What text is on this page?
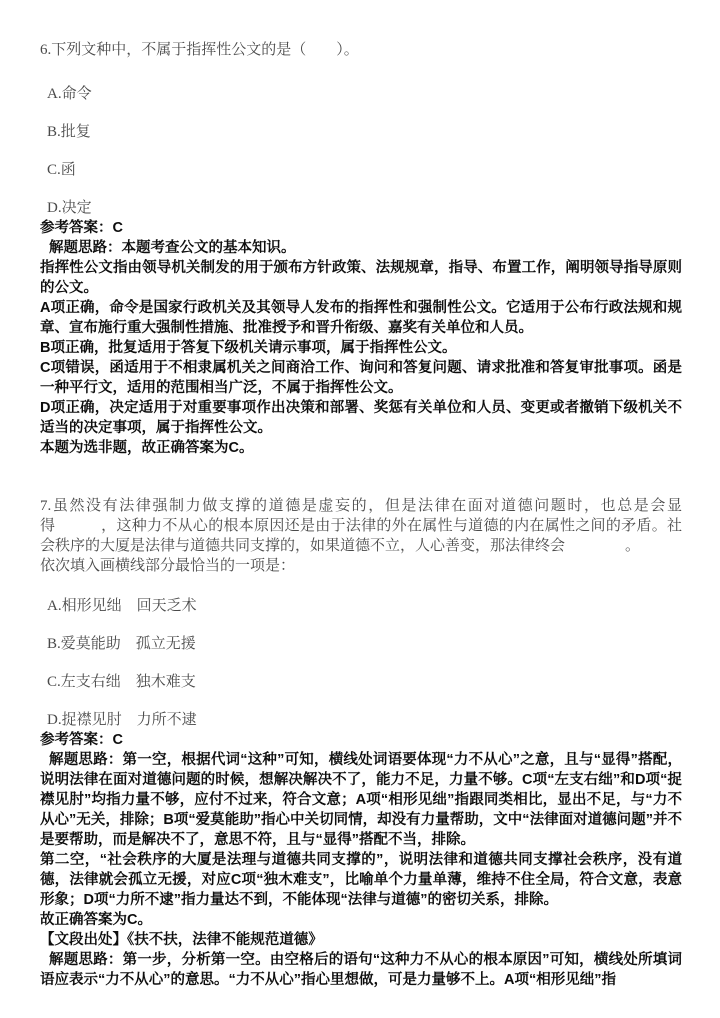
6.下列文种中，不属于指挥性公文的是（　　）。

A.命令

B.批复

C.函

D.决定

参考答案：C

解题思路：本题考查公文的基本知识。

指挥性公文指由领导机关制发的用于颁布方针政策、法规规章，指导、布置工作，阐明领导指导原则的公文。

A项正确，命令是国家行政机关及其领导人发布的指挥性和强制性公文。它适用于公布行政法规和规章、宣布施行重大强制性措施、批准授予和晋升衔级、嘉奖有关单位和人员。

B项正确，批复适用于答复下级机关请示事项，属于指挥性公文。

C项错误，函适用于不相隶属机关之间商洽工作、询问和答复问题、请求批准和答复审批事项。函是一种平行文，适用的范围相当广泛，不属于指挥性公文。

D项正确，决定适用于对重要事项作出决策和部署、奖惩有关单位和人员、变更或者撤销下级机关不适当的决定事项，属于指挥性公文。

本题为选非题，故正确答案为C。

7.虽然没有法律强制力做支撑的道德是虚妄的，但是法律在面对道德问题时，也总是会显得　　　，这种力不从心的根本原因还是由于法律的外在属性与道德的内在属性之间的矛盾。社会秩序的大厦是法律与道德共同支撑的，如果道德不立，人心善变，那法律终会　　　　。

依次填入画横线部分最恰当的一项是：

A.相形见绌　回天乏术

B.爱莫能助　孤立无援

C.左支右绌　独木难支

D.捉襟见肘　力所不逮

参考答案：C

解题思路：第一空，根据代词“这种”可知，横线处词语要体现“力不从心”之意，且与“显得”搭配，说明法律在面对道德问题的时候，想解决解决不了，能力不足，力量不够。C项“左支右绌”和D项“捉襟见肘”均指力量不够，应付不过来，符合文意；A项“相形见绌”指跟同类相比，显出不足，与“力不从心”无关，排除；B项“爱莫能助”指心中关切同情，却没有力量帮助，文中“法律面对道德问题”并不是要帮助，而是解决不了，意思不符，且与“显得”搭配不当，排除。

第二空，“社会秩序的大厦是法理与道德共同支撑的”，说明法律和道德共同支撑社会秩序，没有道德，法律就会孤立无援，对应C项“独木难支”，比喻单个力量单薄，维持不住全局，符合文意，表意形象；D项“力所不逮”指力量达不到，不能体现“法律与道德”的密切关系，排除。

故正确答案为C。

【文段出处】《扶不扶，法律不能规范道德》

解题思路：第一步，分析第一空。由空格后的语句“这种力不从心的根本原因”可知，横线处所填词语应表示“力不从心”的意思。“力不从心”指心里想做，可是力量够不上。A项“相形见绌”指
